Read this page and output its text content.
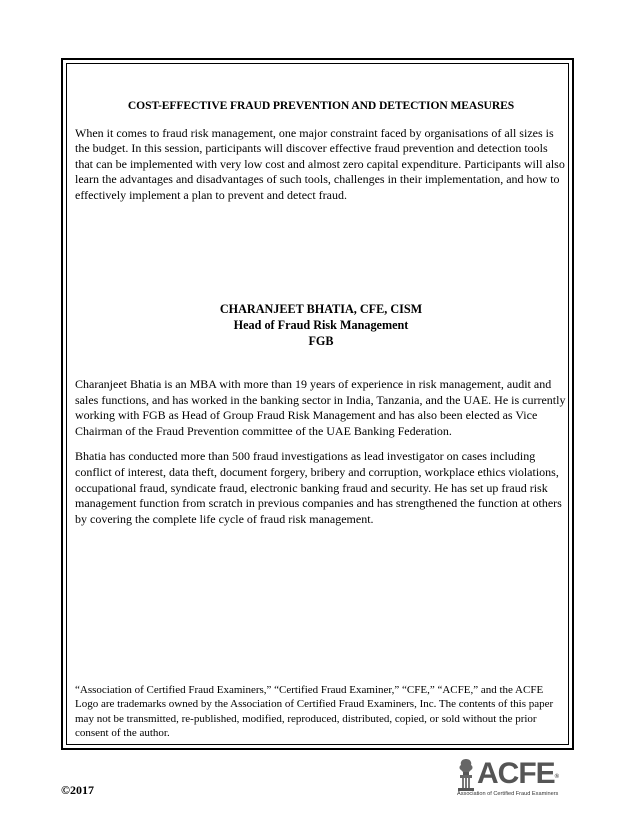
COST-EFFECTIVE FRAUD PREVENTION AND DETECTION MEASURES

When it comes to fraud risk management, one major constraint faced by organisations of all sizes is the budget. In this session, participants will discover effective fraud prevention and detection tools that can be implemented with very low cost and almost zero capital expenditure. Participants will also learn the advantages and disadvantages of such tools, challenges in their implementation, and how to effectively implement a plan to prevent and detect fraud.

CHARANJEET BHATIA, CFE, CISM
Head of Fraud Risk Management
FGB

Charanjeet Bhatia is an MBA with more than 19 years of experience in risk management, audit and sales functions, and has worked in the banking sector in India, Tanzania, and the UAE. He is currently working with FGB as Head of Group Fraud Risk Management and has also been elected as Vice Chairman of the Fraud Prevention committee of the UAE Banking Federation.

Bhatia has conducted more than 500 fraud investigations as lead investigator on cases including conflict of interest, data theft, document forgery, bribery and corruption, workplace ethics violations, occupational fraud, syndicate fraud, electronic banking fraud and security. He has set up fraud risk management function from scratch in previous companies and has strengthened the function at others by covering the complete life cycle of fraud risk management.

“Association of Certified Fraud Examiners,” “Certified Fraud Examiner,” “CFE,” “ACFE,” and the ACFE Logo are trademarks owned by the Association of Certified Fraud Examiners, Inc. The contents of this paper may not be transmitted, re-published, modified, reproduced, distributed, copied, or sold without the prior consent of the author.

©2017	ACFE®
Association of Certified Fraud Examiners
